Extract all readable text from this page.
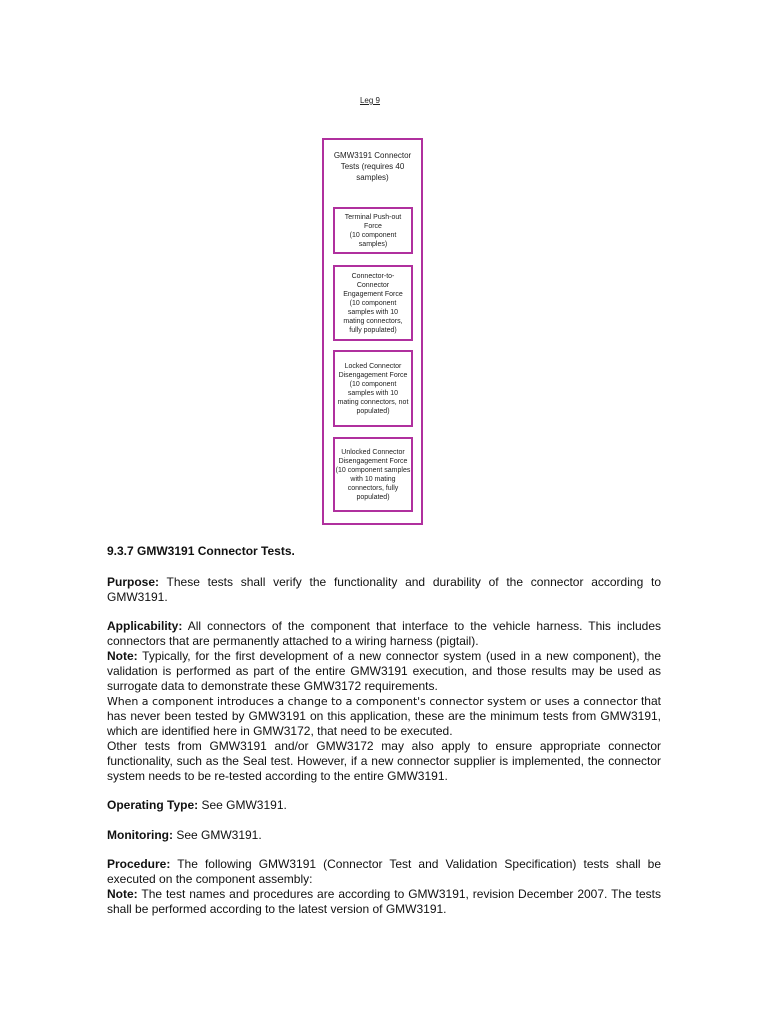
Leg 9
GMW3191 Connector Tests (requires 40 samples)
Terminal Push-out Force
(10 component samples)
Connector-to-Connector Engagement Force
(10 component samples with 10 mating connectors, fully populated)
Locked Connector Disengagement Force
(10 component samples with 10 mating connectors, not populated)
Unlocked Connector Disengagement Force
(10 component samples with 10 mating connectors, fully populated)
9.3.7 GMW3191 Connector Tests.

Purpose: These tests shall verify the functionality and durability of the connector according to GMW3191.

Applicability: All connectors of the component that interface to the vehicle harness. This includes connectors that are permanently attached to a wiring harness (pigtail).

Note: Typically, for the first development of a new connector system (used in a new component), the validation is performed as part of the entire GMW3191 execution, and those results may be used as surrogate data to demonstrate these GMW3172 requirements.

When a component introduces a change to a component's connector system or uses a connector that has never been tested by GMW3191 on this application, these are the minimum tests from GMW3191, which are identified here in GMW3172, that need to be executed.

Other tests from GMW3191 and/or GMW3172 may also apply to ensure appropriate connector functionality, such as the Seal test. However, if a new connector supplier is implemented, the connector system needs to be re-tested according to the entire GMW3191.

Operating Type: See GMW3191.

Monitoring: See GMW3191.

Procedure: The following GMW3191 (Connector Test and Validation Specification) tests shall be executed on the component assembly:

Note: The test names and procedures are according to GMW3191, revision December 2007. The tests shall be performed according to the latest version of GMW3191.
